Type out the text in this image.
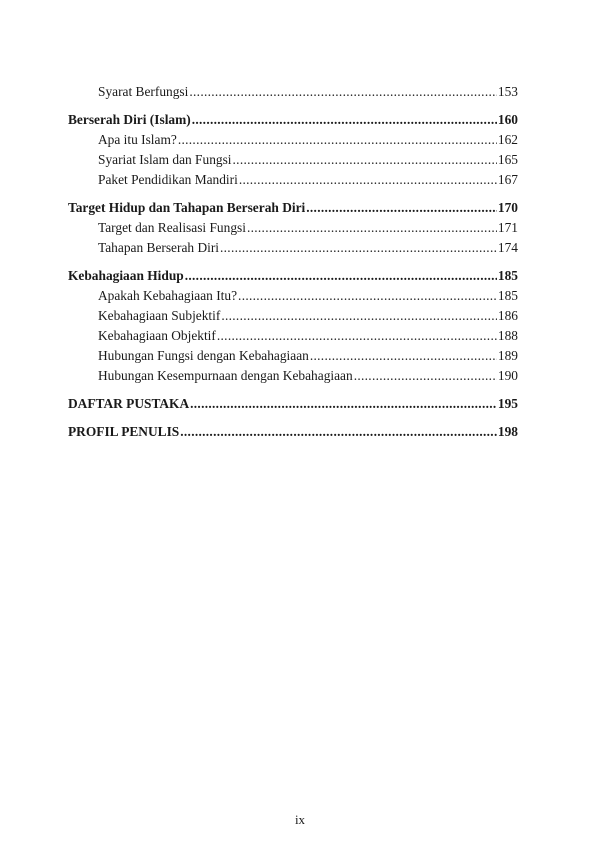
Syarat Berfungsi .....	153
Berserah Diri (Islam) .....	160
Apa itu Islam? .....	162
Syariat Islam dan Fungsi .....	165
Paket Pendidikan Mandiri .....	167
Target Hidup dan Tahapan Berserah Diri .....	170
Target dan Realisasi Fungsi .....	171
Tahapan Berserah Diri .....	174
Kebahagiaan Hidup .....	185
Apakah Kebahagiaan Itu? .....	185
Kebahagiaan Subjektif .....	186
Kebahagiaan Objektif .....	188
Hubungan Fungsi dengan Kebahagiaan .....	189
Hubungan Kesempurnaan dengan Kebahagiaan .....	190
DAFTAR PUSTAKA .....	195
PROFIL PENULIS .....	198
ix
